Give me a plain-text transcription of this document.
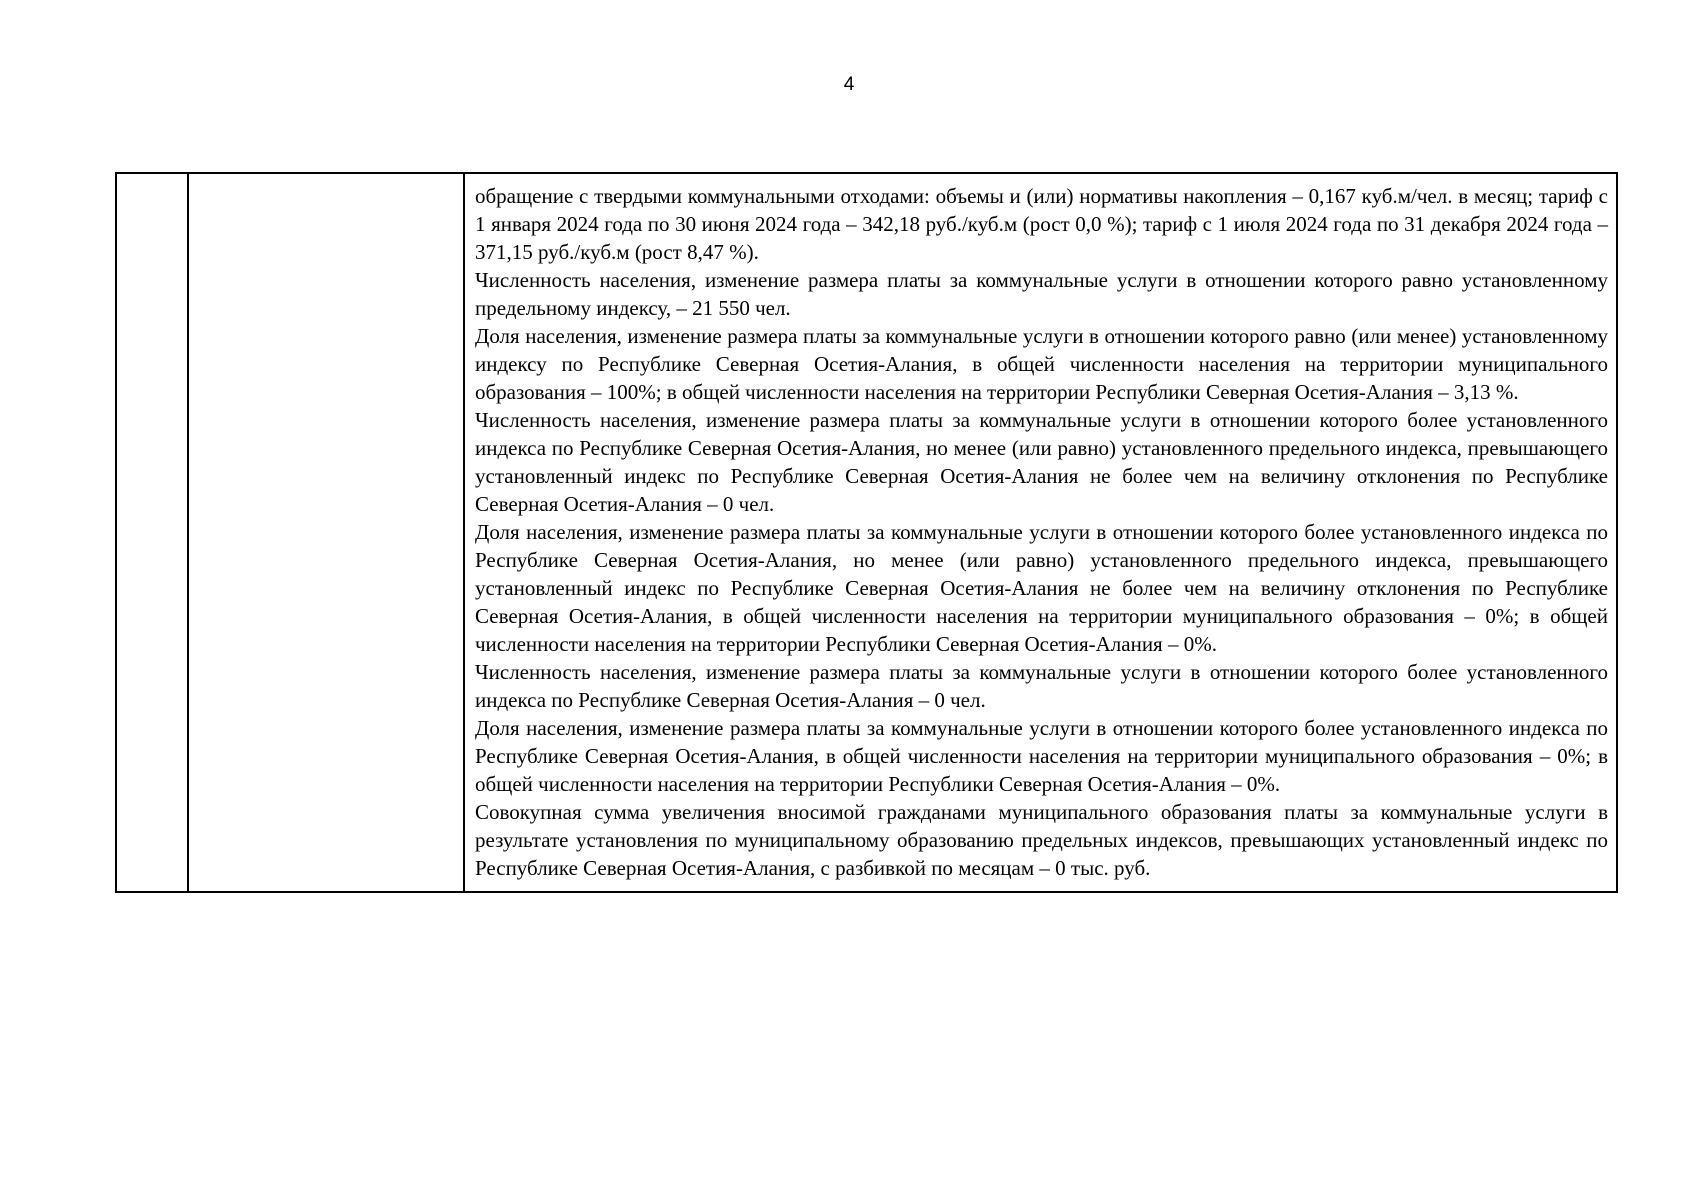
4

обращение с твердыми коммунальными отходами: объемы и (или) нормативы накопления – 0,167 куб.м/чел. в месяц; тариф с 1 января 2024 года по 30 июня 2024 года – 342,18 руб./куб.м (рост 0,0 %); тариф с 1 июля 2024 года по 31 декабря 2024 года – 371,15 руб./куб.м (рост 8,47 %).

Численность населения, изменение размера платы за коммунальные услуги в отношении которого равно установленному предельному индексу, – 21 550 чел.

Доля населения, изменение размера платы за коммунальные услуги в отношении которого равно (или менее) установленному индексу по Республике Северная Осетия-Алания, в общей численности населения на территории муниципального образования – 100%; в общей численности населения на территории Республики Северная Осетия-Алания – 3,13 %.

Численность населения, изменение размера платы за коммунальные услуги в отношении которого более установленного индекса по Республике Северная Осетия-Алания, но менее (или равно) установленного предельного индекса, превышающего установленный индекс по Республике Северная Осетия-Алания не более чем на величину отклонения по Республике Северная Осетия-Алания – 0 чел.

Доля населения, изменение размера платы за коммунальные услуги в отношении которого более установленного индекса по Республике Северная Осетия-Алания, но менее (или равно) установленного предельного индекса, превышающего установленный индекс по Республике Северная Осетия-Алания не более чем на величину отклонения по Республике Северная Осетия-Алания, в общей численности населения на территории муниципального образования – 0%; в общей численности населения на территории Республики Северная Осетия-Алания – 0%.

Численность населения, изменение размера платы за коммунальные услуги в отношении которого более установленного индекса по Республике Северная Осетия-Алания – 0 чел.

Доля населения, изменение размера платы за коммунальные услуги в отношении которого более установленного индекса по Республике Северная Осетия-Алания, в общей численности населения на территории муниципального образования – 0%; в общей численности населения на территории Республики Северная Осетия-Алания – 0%.

Совокупная сумма увеличения вносимой гражданами муниципального образования платы за коммунальные услуги в результате установления по муниципальному образованию предельных индексов, превышающих установленный индекс по Республике Северная Осетия-Алания, с разбивкой по месяцам – 0 тыс. руб.
